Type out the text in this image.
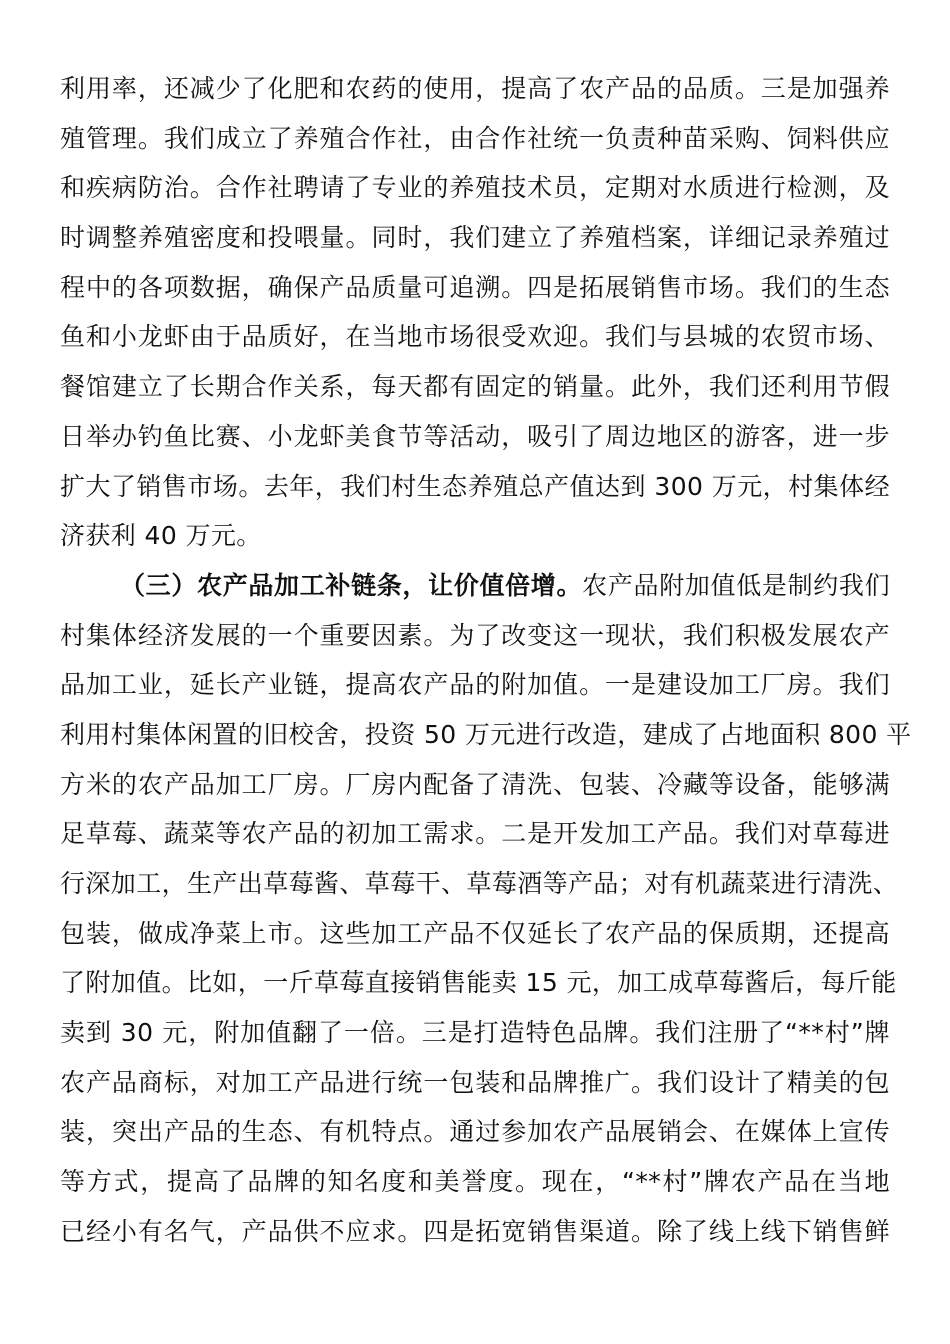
利用率，还减少了化肥和农药的使用，提高了农产品的品质。三是加强养
殖管理。我们成立了养殖合作社，由合作社统一负责种苗采购、饲料供应
和疾病防治。合作社聘请了专业的养殖技术员，定期对水质进行检测，及
时调整养殖密度和投喂量。同时，我们建立了养殖档案，详细记录养殖过
程中的各项数据，确保产品质量可追溯。四是拓展销售市场。我们的生态
鱼和小龙虾由于品质好，在当地市场很受欢迎。我们与县城的农贸市场、
餐馆建立了长期合作关系，每天都有固定的销量。此外，我们还利用节假
日举办钓鱼比赛、小龙虾美食节等活动，吸引了周边地区的游客，进一步
扩大了销售市场。去年，我们村生态养殖总产值达到 300 万元，村集体经
济获利 40 万元。
（三）农产品加工补链条，让价值倍增。农产品附加值低是制约我们
村集体经济发展的一个重要因素。为了改变这一现状，我们积极发展农产
品加工业，延长产业链，提高农产品的附加值。一是建设加工厂房。我们
利用村集体闲置的旧校舍，投资 50 万元进行改造，建成了占地面积 800 平
方米的农产品加工厂房。厂房内配备了清洗、包装、冷藏等设备，能够满
足草莓、蔬菜等农产品的初加工需求。二是开发加工产品。我们对草莓进
行深加工，生产出草莓酱、草莓干、草莓酒等产品；对有机蔬菜进行清洗、
包装，做成净菜上市。这些加工产品不仅延长了农产品的保质期，还提高
了附加值。比如，一斤草莓直接销售能卖 15 元，加工成草莓酱后，每斤能
卖到 30 元，附加值翻了一倍。三是打造特色品牌。我们注册了“**村”牌
农产品商标，对加工产品进行统一包装和品牌推广。我们设计了精美的包
装，突出产品的生态、有机特点。通过参加农产品展销会、在媒体上宣传
等方式，提高了品牌的知名度和美誉度。现在，“**村”牌农产品在当地
已经小有名气，产品供不应求。四是拓宽销售渠道。除了线上线下销售鲜
